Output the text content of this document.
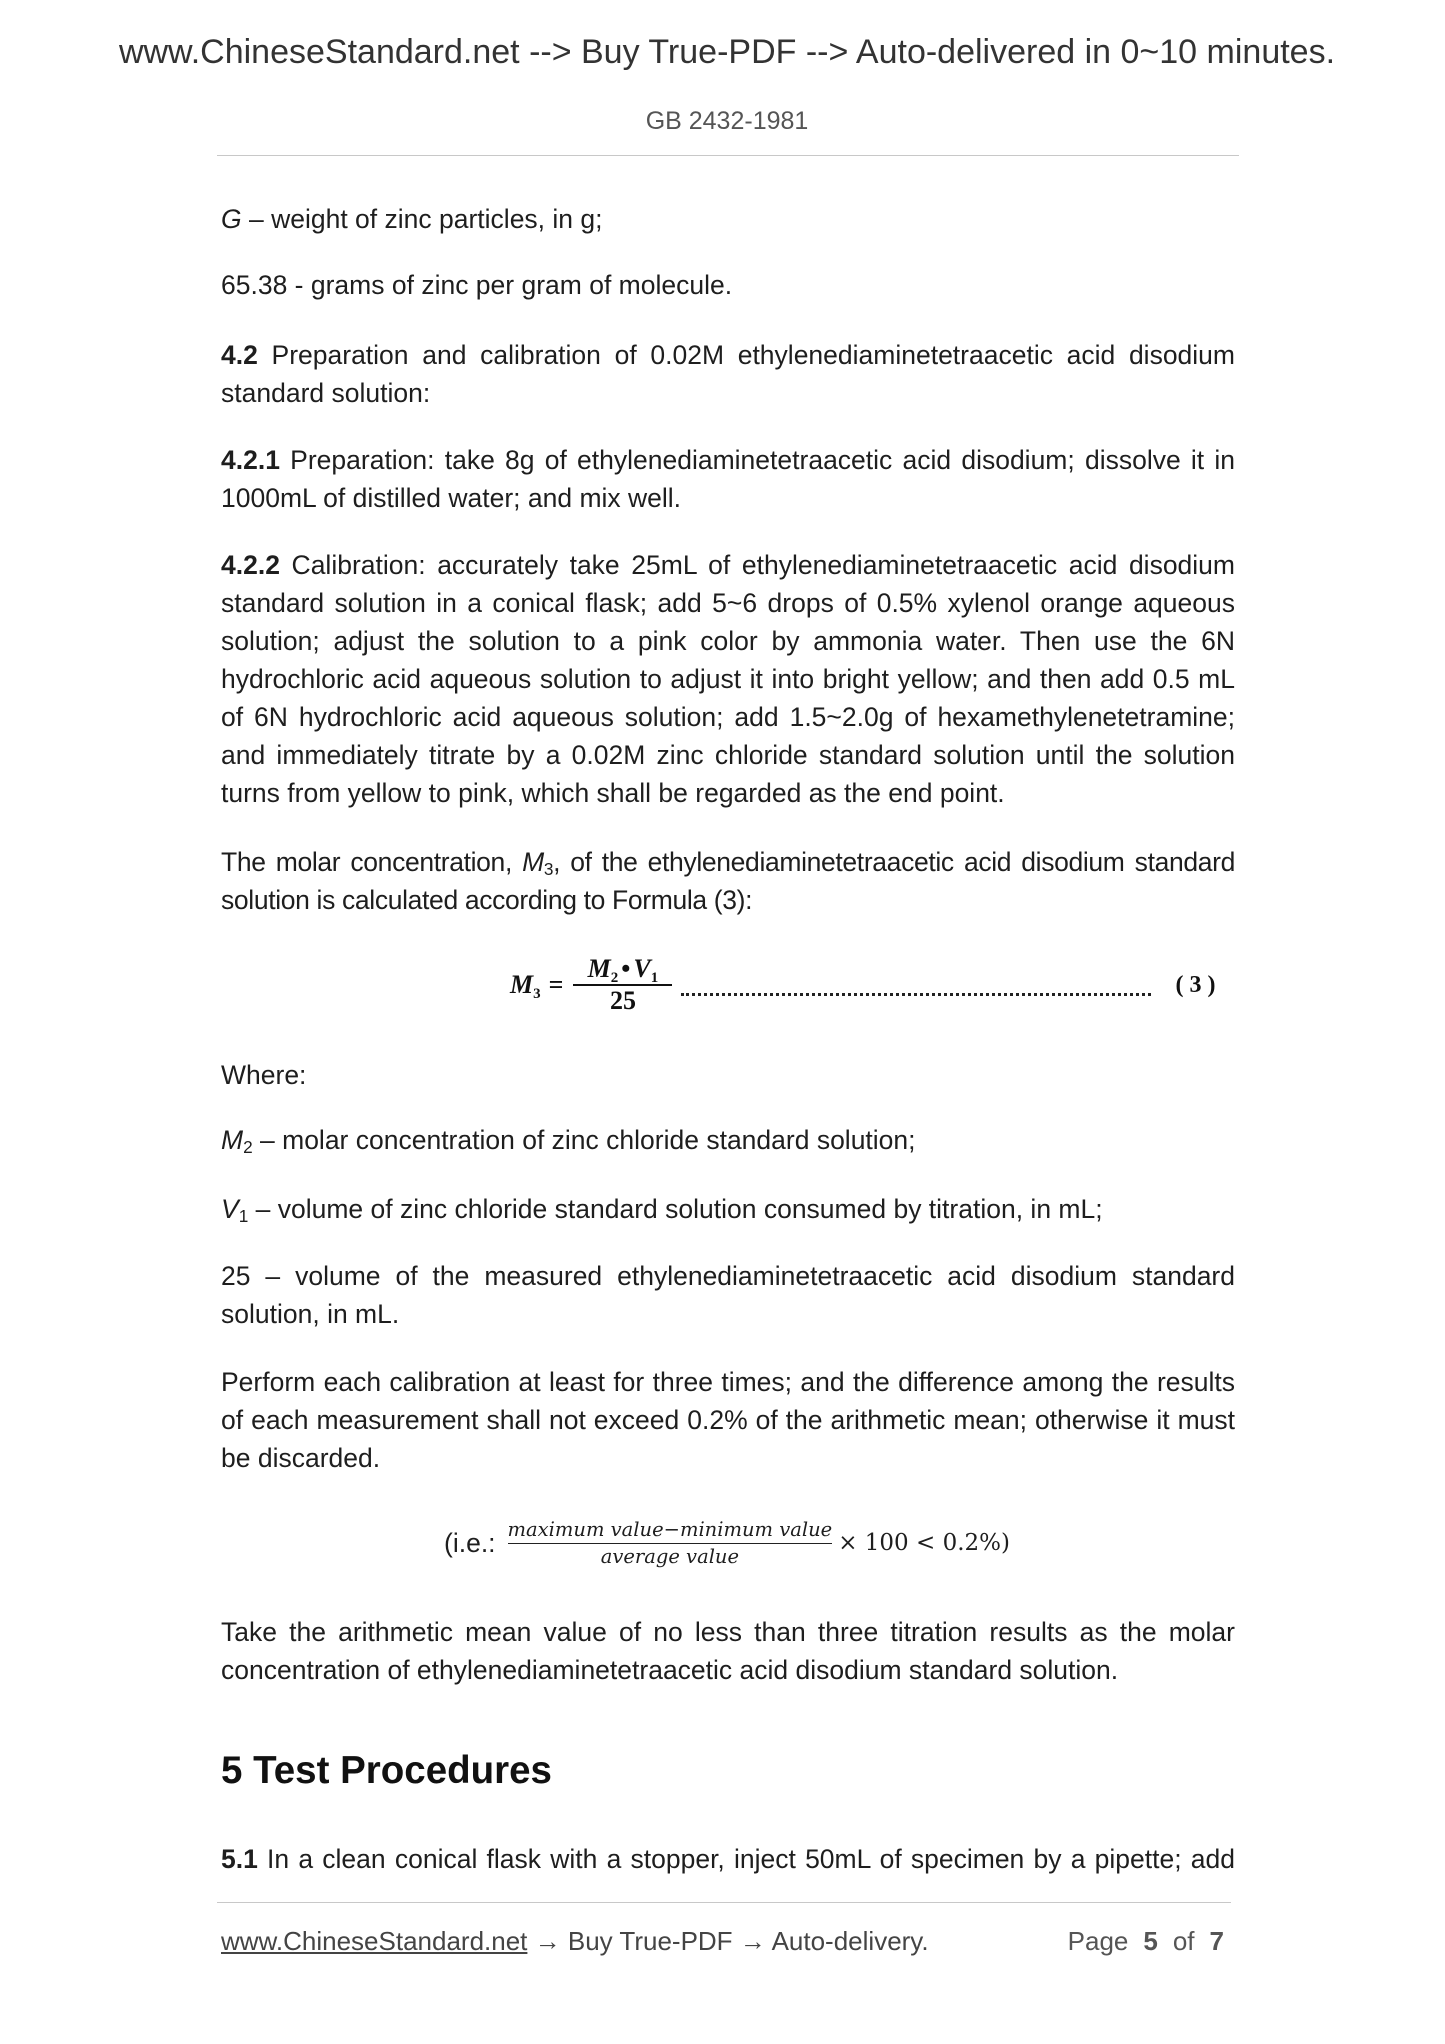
www.ChineseStandard.net --> Buy True-PDF --> Auto-delivered in 0~10 minutes.
GB 2432-1981
G – weight of zinc particles, in g;
65.38 - grams of zinc per gram of molecule.
4.2 Preparation and calibration of 0.02M ethylenediaminetetraacetic acid disodium standard solution:
4.2.1 Preparation: take 8g of ethylenediaminetetraacetic acid disodium; dissolve it in 1000mL of distilled water; and mix well.
4.2.2 Calibration: accurately take 25mL of ethylenediaminetetraacetic acid disodium standard solution in a conical flask; add 5~6 drops of 0.5% xylenol orange aqueous solution; adjust the solution to a pink color by ammonia water. Then use the 6N hydrochloric acid aqueous solution to adjust it into bright yellow; and then add 0.5 mL of 6N hydrochloric acid aqueous solution; add 1.5~2.0g of hexamethylenetetramine; and immediately titrate by a 0.02M zinc chloride standard solution until the solution turns from yellow to pink, which shall be regarded as the end point.
The molar concentration, $M_3$, of the ethylenediaminetetraacetic acid disodium standard solution is calculated according to Formula (3):
$M_3 = \frac{M_2 • V_1}{25}$	( 3 )
Where:
$M_2$ – molar concentration of zinc chloride standard solution;
$V_1$ – volume of zinc chloride standard solution consumed by titration, in mL;
25 – volume of the measured ethylenediaminetetraacetic acid disodium standard solution, in mL.
Perform each calibration at least for three times; and the difference among the results of each measurement shall not exceed 0.2% of the arithmetic mean; otherwise it must be discarded.
(i.e.: $\frac{\text{maximum value−minimum value}}{\text{average value}} \times 100 < 0.2\%$)
Take the arithmetic mean value of no less than three titration results as the molar concentration of ethylenediaminetetraacetic acid disodium standard solution.
5 Test Procedures
5.1 In a clean conical flask with a stopper, inject 50mL of specimen by a pipette; add
www.ChineseStandard.net → Buy True-PDF → Auto-delivery.	Page 5 of 7
